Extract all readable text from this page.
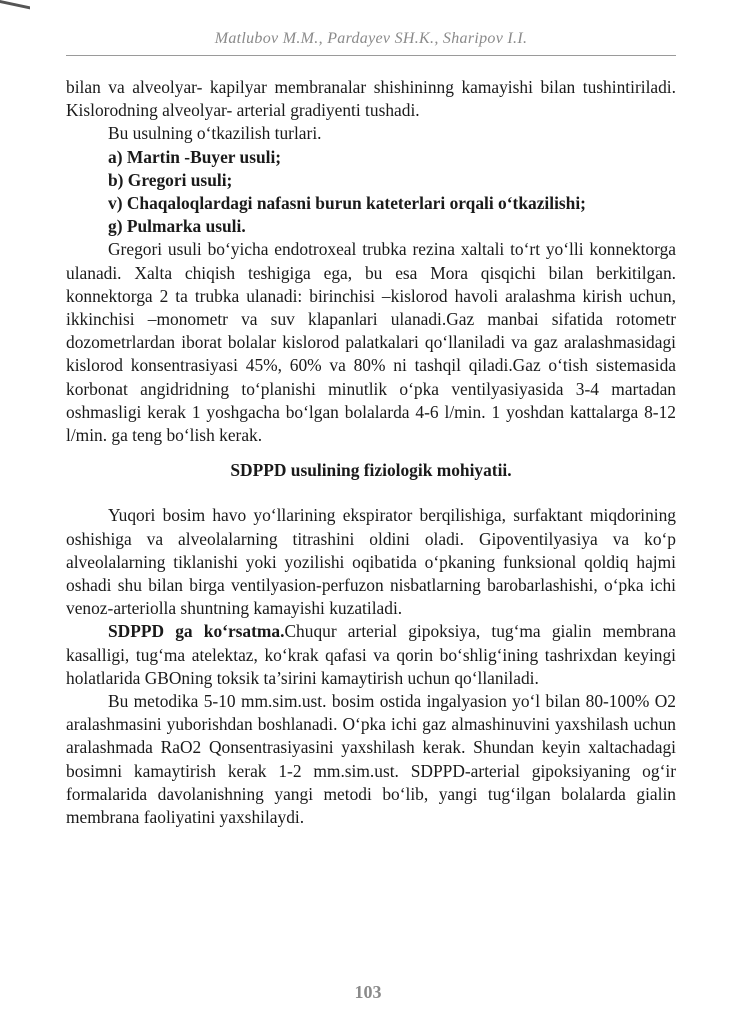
Matlubov M.M., Pardayev SH.K., Sharipov I.I.

bilan va alveolyar- kapilyar membranalar shishininng kamayishi bilan tushintiriladi. Kislorodning alveolyar- arterial gradiyenti tushadi.

Bu usulning o‘tkazilish turlari.

a) Martin -Buyer usuli;

b) Gregori usuli;

v) Chaqaloqlardagi nafasni burun kateterlari orqali o‘tkazilishi;

g) Pulmarka usuli.

Gregori usuli bo‘yicha endotroxeal trubka rezina xaltali to‘rt yo‘lli konnektorga ulanadi. Xalta chiqish teshigiga ega, bu esa Mora qisqichi bilan berkitilgan. konnektorga 2 ta trubka ulanadi: birinchisi –kislorod havoli aralashma kirish uchun, ikkinchisi –monometr va suv klapanlari ulanadi.Gaz manbai sifatida rotometr dozometrlardan iborat bolalar kislorod palatkalari qo‘llaniladi va gaz aralashmasidagi kislorod konsentrasiyasi 45%, 60% va 80% ni tashqil qiladi.Gaz o‘tish sistemasida korbonat angidridning to‘planishi minutlik o‘pka ventilyasiyasida 3-4 martadan oshmasligi kerak 1 yoshgacha bo‘lgan bolalarda 4-6 l/min. 1 yoshdan kattalarga 8-12 l/min. ga teng bo‘lish kerak.

SDPPD usulining fiziologik mohiyatii.

Yuqori bosim havo yo‘llarining ekspirator berqilishiga, surfaktant miqdorining oshishiga va alveolalarning titrashini oldini oladi. Gipoventilyasiya va ko‘p alveolalarning tiklanishi yoki yozilishi oqibatida o‘pkaning funksional qoldiq hajmi oshadi shu bilan birga ventilyasion-perfuzon nisbatlarning barobarlashishi, o‘pka ichi venoz-arteriolla shuntning kamayishi kuzatiladi.

SDPPD ga ko‘rsatma.Chuqur arterial gipoksiya, tug‘ma gialin membrana kasalligi, tug‘ma atelektaz, ko‘krak qafasi va qorin bo‘shlig‘ining tashrixdan keyingi holatlarida GBOning toksik ta’sirini kamaytirish uchun qo‘llaniladi.

Bu metodika 5-10 mm.sim.ust. bosim ostida ingalyasion yo‘l bilan 80-100% O2 aralashmasini yuborishdan boshlanadi. O‘pka ichi gaz almashinuvini yaxshilash uchun aralashmada RaO2 Qonsentrasiyasini yaxshilash kerak. Shundan keyin xaltachadagi bosimni kamaytirish kerak 1-2 mm.sim.ust. SDPPD-arterial gipoksiyaning og‘ir formalarida davolanishning yangi metodi bo‘lib, yangi tug‘ilgan bolalarda gialin membrana faoliyatini yaxshilaydi.

103
